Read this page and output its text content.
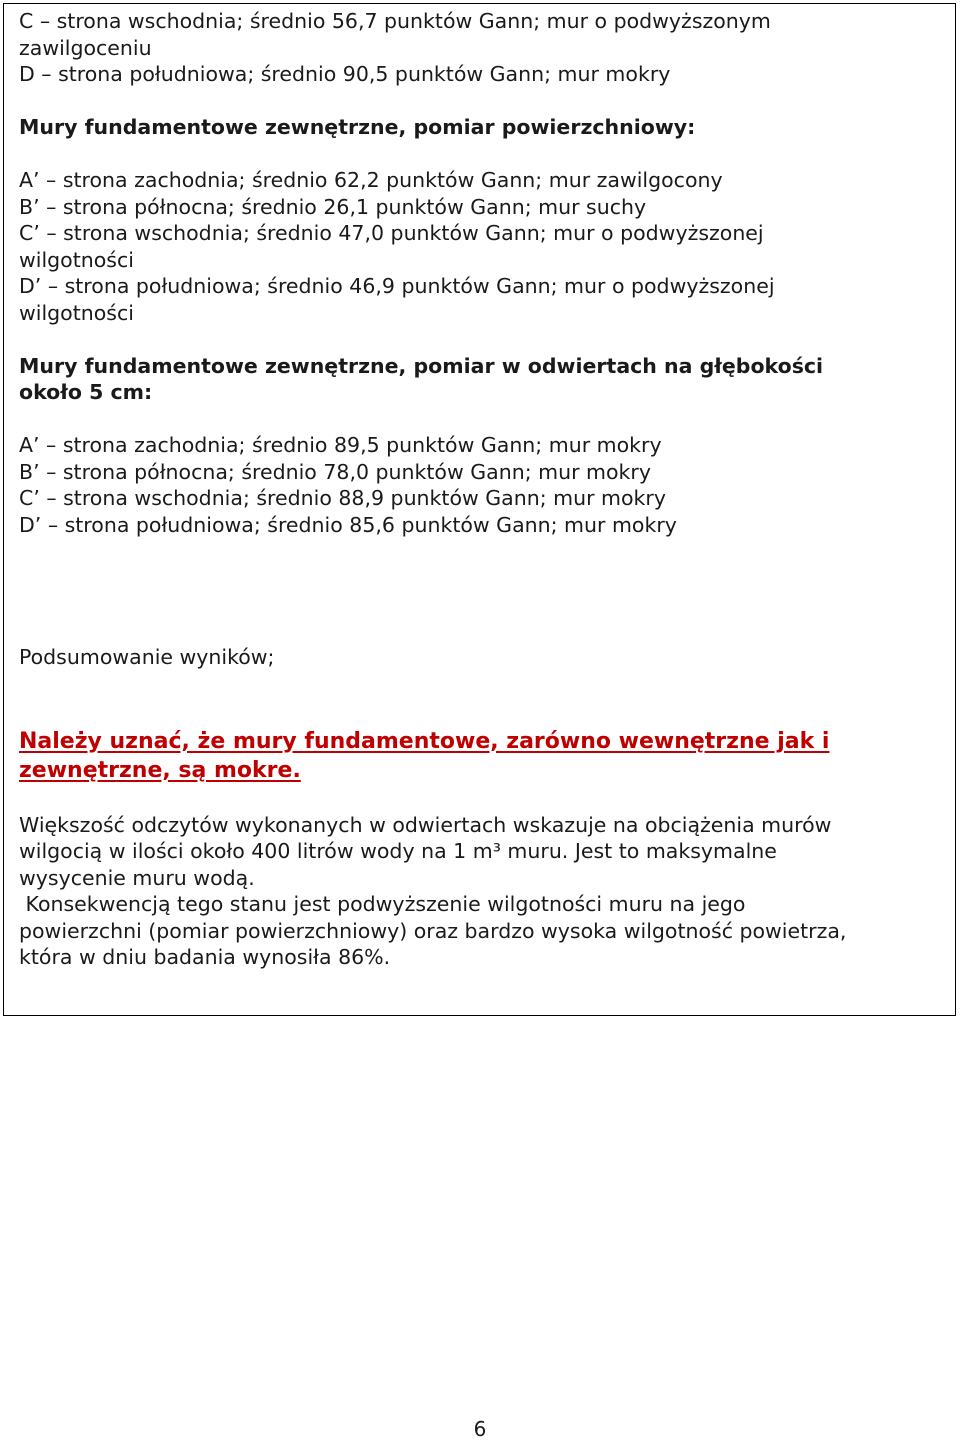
C – strona wschodnia; średnio 56,7 punktów Gann; mur o podwyższonym
zawilgoceniu
D – strona południowa; średnio 90,5 punktów Gann; mur mokry
Mury fundamentowe zewnętrzne, pomiar powierzchniowy:
A’ – strona zachodnia; średnio 62,2 punktów Gann; mur zawilgocony
B’ – strona północna; średnio 26,1 punktów Gann; mur suchy
C’ – strona wschodnia; średnio 47,0 punktów Gann; mur o podwyższonej
wilgotności
D’ – strona południowa; średnio 46,9 punktów Gann; mur o podwyższonej
wilgotności
Mury fundamentowe zewnętrzne, pomiar w odwiertach na głębokości
około 5 cm:
A’ – strona zachodnia; średnio 89,5 punktów Gann; mur mokry
B’ – strona północna; średnio 78,0 punktów Gann; mur mokry
C’ – strona wschodnia; średnio 88,9 punktów Gann; mur mokry
D’ – strona południowa; średnio 85,6 punktów Gann; mur mokry
Podsumowanie wyników;
Należy uznać, że mury fundamentowe, zarówno wewnętrzne jak i
zewnętrzne, są mokre.
Większość odczytów wykonanych w odwiertach wskazuje na obciążenia murów
wilgocią w ilości około 400 litrów wody na 1 m³ muru. Jest to maksymalne
wysycenie muru wodą.
Konsekwencją tego stanu jest podwyższenie wilgotności muru na jego
powierzchni (pomiar powierzchniowy) oraz bardzo wysoka wilgotność powietrza,
która w dniu badania wynosiła 86%.
6
